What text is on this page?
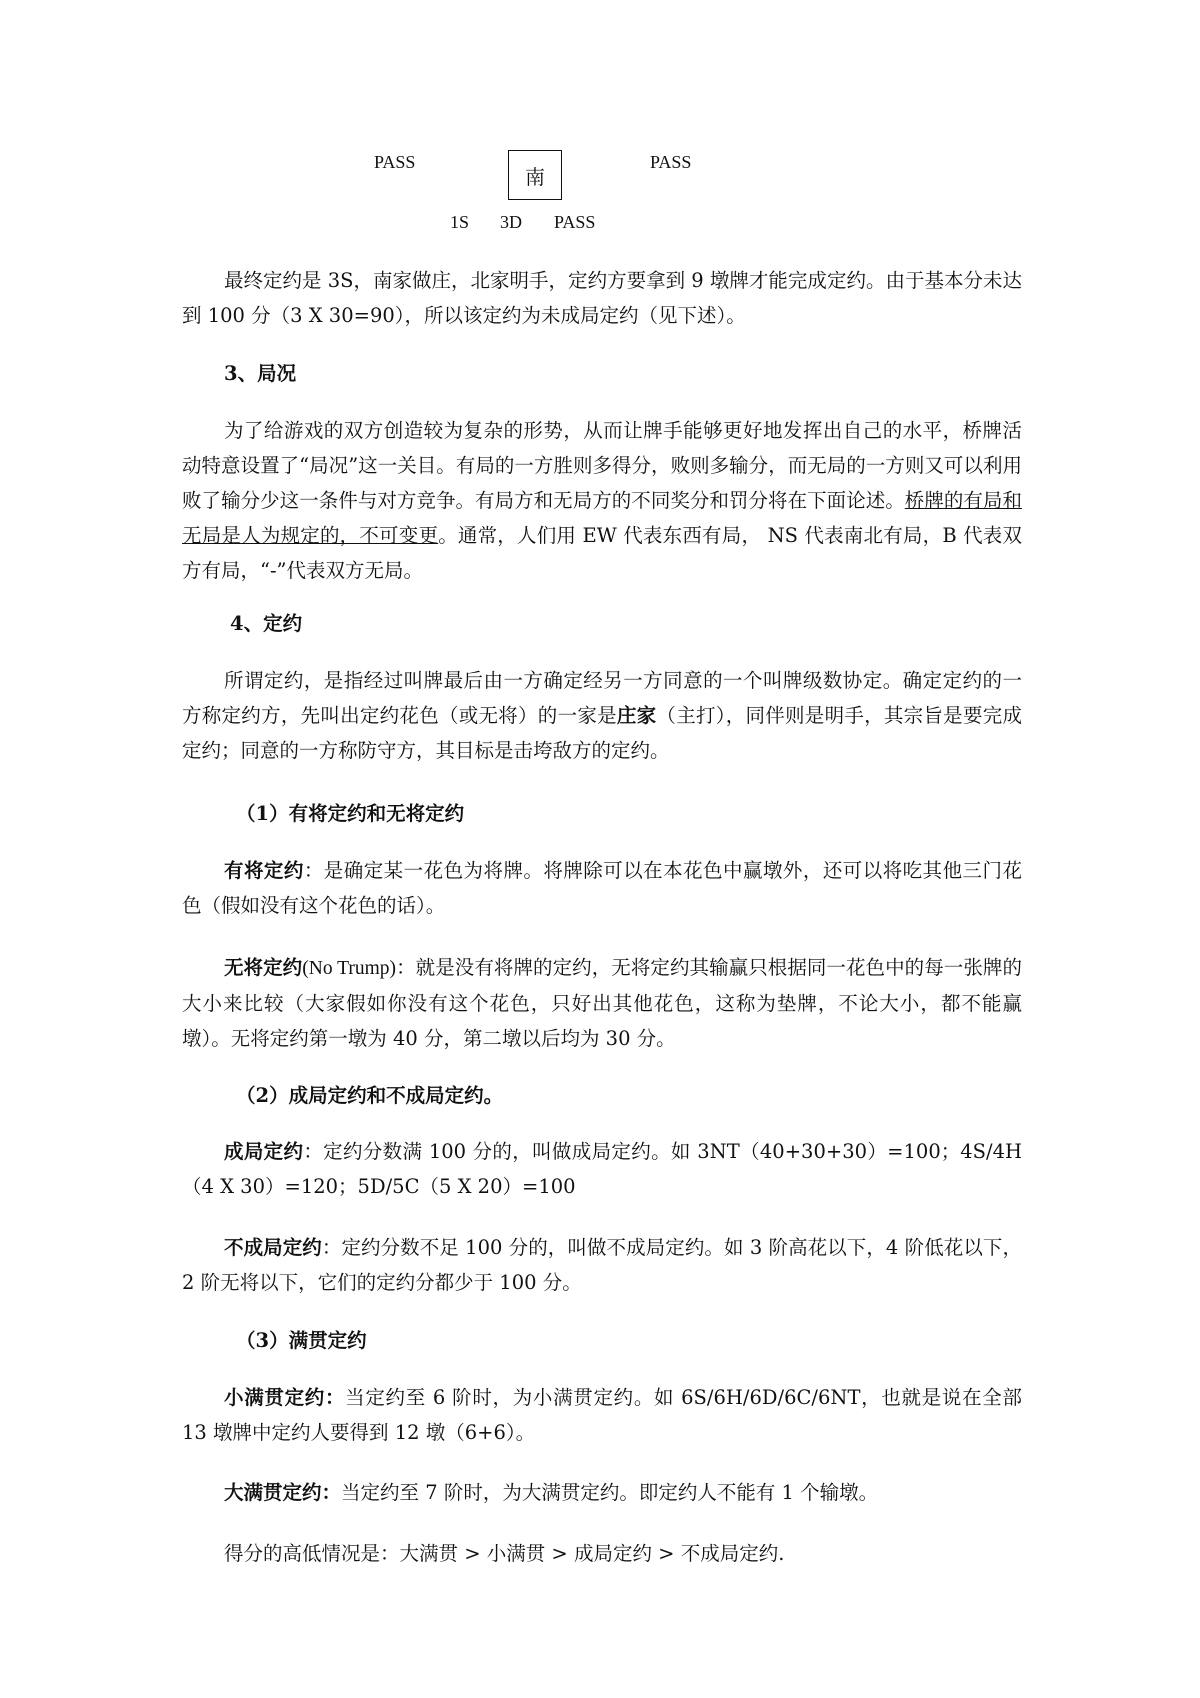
PASS
南
PASS
1S 3D PASS

最终定约是 3S，南家做庄，北家明手，定约方要拿到 9 墩牌才能完成定约。由于基本分未达到 100 分（3 X 30=90），所以该定约为未成局定约（见下述）。

3、局况

为了给游戏的双方创造较为复杂的形势，从而让牌手能够更好地发挥出自己的水平，桥牌活动特意设置了“局况”这一关目。有局的一方胜则多得分，败则多输分，而无局的一方则又可以利用败了输分少这一条件与对方竞争。有局方和无局方的不同奖分和罚分将在下面论述。桥牌的有局和无局是人为规定的，不可变更。通常，人们用 EW 代表东西有局， NS 代表南北有局，B 代表双方有局，“-”代表双方无局。

4、定约

所谓定约，是指经过叫牌最后由一方确定经另一方同意的一个叫牌级数协定。确定定约的一方称定约方，先叫出定约花色（或无将）的一家是庄家（主打），同伴则是明手，其宗旨是要完成定约；同意的一方称防守方，其目标是击垮敌方的定约。

（1）有将定约和无将定约

有将定约：是确定某一花色为将牌。将牌除可以在本花色中赢墩外，还可以将吃其他三门花色（假如没有这个花色的话）。

无将定约(No Trump)：就是没有将牌的定约，无将定约其输赢只根据同一花色中的每一张牌的大小来比较（大家假如你没有这个花色，只好出其他花色，这称为垫牌，不论大小，都不能赢墩）。无将定约第一墩为 40 分，第二墩以后均为 30 分。

（2）成局定约和不成局定约。

成局定约：定约分数满 100 分的，叫做成局定约。如 3NT（40+30+30）=100；4S/4H（4 X 30）=120；5D/5C（5 X 20）=100

不成局定约：定约分数不足 100 分的，叫做不成局定约。如 3 阶高花以下，4 阶低花以下，2 阶无将以下，它们的定约分都少于 100 分。

（3）满贯定约

小满贯定约：当定约至 6 阶时，为小满贯定约。如 6S/6H/6D/6C/6NT，也就是说在全部 13 墩牌中定约人要得到 12 墩（6+6）。

大满贯定约：当定约至 7 阶时，为大满贯定约。即定约人不能有 1 个输墩。

得分的高低情况是：大满贯 > 小满贯 > 成局定约 > 不成局定约.
